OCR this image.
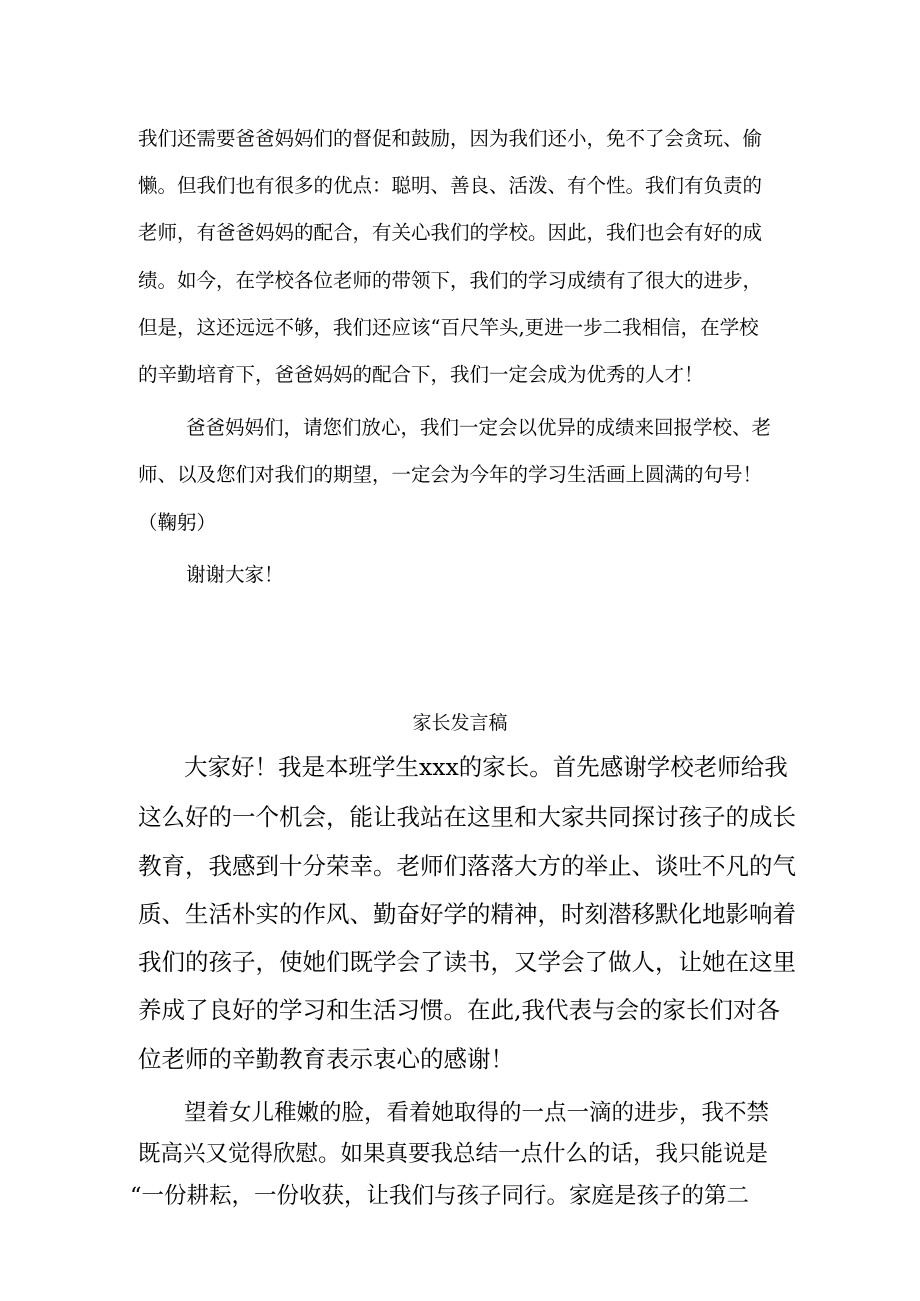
我们还需要爸爸妈妈们的督促和鼓励，因为我们还小，免不了会贪玩、偷
懒。但我们也有很多的优点：聪明、善良、活泼、有个性。我们有负责的
老师，有爸爸妈妈的配合，有关心我们的学校。因此，我们也会有好的成
绩。如今，在学校各位老师的带领下，我们的学习成绩有了很大的进步，
但是，这还远远不够，我们还应该“百尺竿头,更进一步二我相信，在学校
的辛勤培育下，爸爸妈妈的配合下，我们一定会成为优秀的人才！
爸爸妈妈们，请您们放心，我们一定会以优异的成绩来回报学校、老
师、以及您们对我们的期望，一定会为今年的学习生活画上圆满的句号！
（鞠躬）
谢谢大家！
家长发言稿
大家好！我是本班学生xxx的家长。首先感谢学校老师给我
这么好的一个机会，能让我站在这里和大家共同探讨孩子的成长
教育，我感到十分荣幸。老师们落落大方的举止、谈吐不凡的气
质、生活朴实的作风、勤奋好学的精神，时刻潜移默化地影响着
我们的孩子，使她们既学会了读书，又学会了做人，让她在这里
养成了良好的学习和生活习惯。在此,我代表与会的家长们对各
位老师的辛勤教育表示衷心的感谢！
望着女儿稚嫩的脸，看着她取得的一点一滴的进步，我不禁
既高兴又觉得欣慰。如果真要我总结一点什么的话，我只能说是
“一份耕耘，一份收获，让我们与孩子同行。家庭是孩子的第二
